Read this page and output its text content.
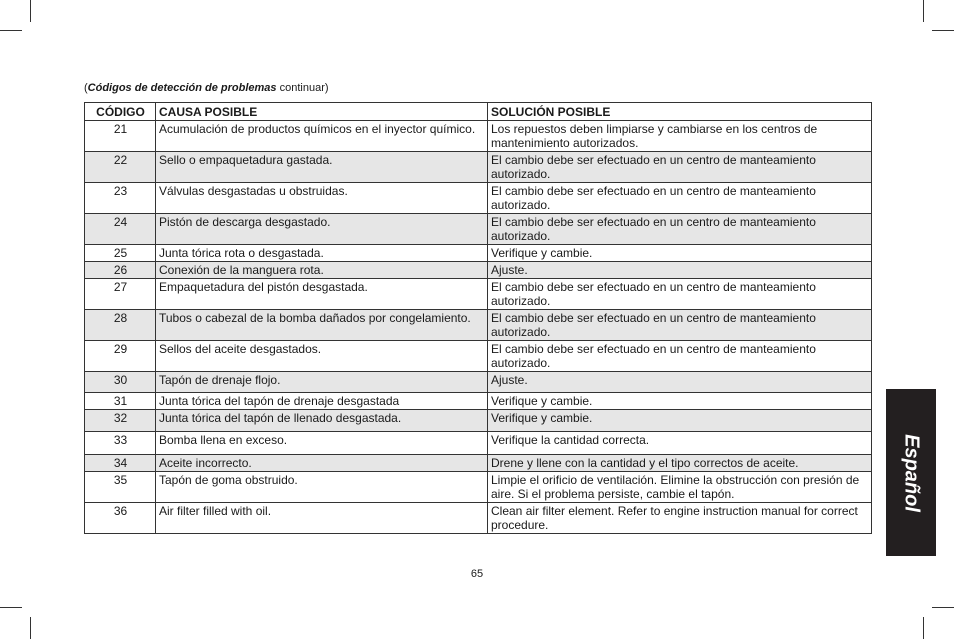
(Códigos de detección de problemas continuar)
CÓDIGO	CAUSA POSIBLE	SOLUCIÓN POSIBLE
21	Acumulación de productos químicos en el inyector químico.	Los repuestos deben limpiarse y cambiarse en los centros de mantenimiento autorizados.
22	Sello o empaquetadura gastada.	El cambio debe ser efectuado en un centro de manteamiento autorizado.
23	Válvulas desgastadas u obstruidas.	El cambio debe ser efectuado en un centro de manteamiento autorizado.
24	Pistón de descarga desgastado.	El cambio debe ser efectuado en un centro de manteamiento autorizado.
25	Junta tórica rota o desgastada.	Verifique y cambie.
26	Conexión de la manguera rota.	Ajuste.
27	Empaquetadura del pistón desgastada.	El cambio debe ser efectuado en un centro de manteamiento autorizado.
28	Tubos o cabezal de la bomba dañados por congelamiento.	El cambio debe ser efectuado en un centro de manteamiento autorizado.
29	Sellos del aceite desgastados.	El cambio debe ser efectuado en un centro de manteamiento autorizado.
30	Tapón de drenaje flojo.	Ajuste.
31	Junta tórica del tapón de drenaje desgastada	Verifique y cambie.
32	Junta tórica del tapón de llenado desgastada.	Verifique y cambie.
33	Bomba llena en exceso.	Verifique la cantidad correcta.
34	Aceite incorrecto.	Drene y llene con la cantidad y el tipo correctos de aceite.
35	Tapón de goma obstruido.	Limpie el orificio de ventilación. Elimine la obstrucción con presión de aire. Si el problema persiste, cambie el tapón.
36	Air filter filled with oil.	Clean air filter element. Refer to engine instruction manual for correct procedure.
Español
65
